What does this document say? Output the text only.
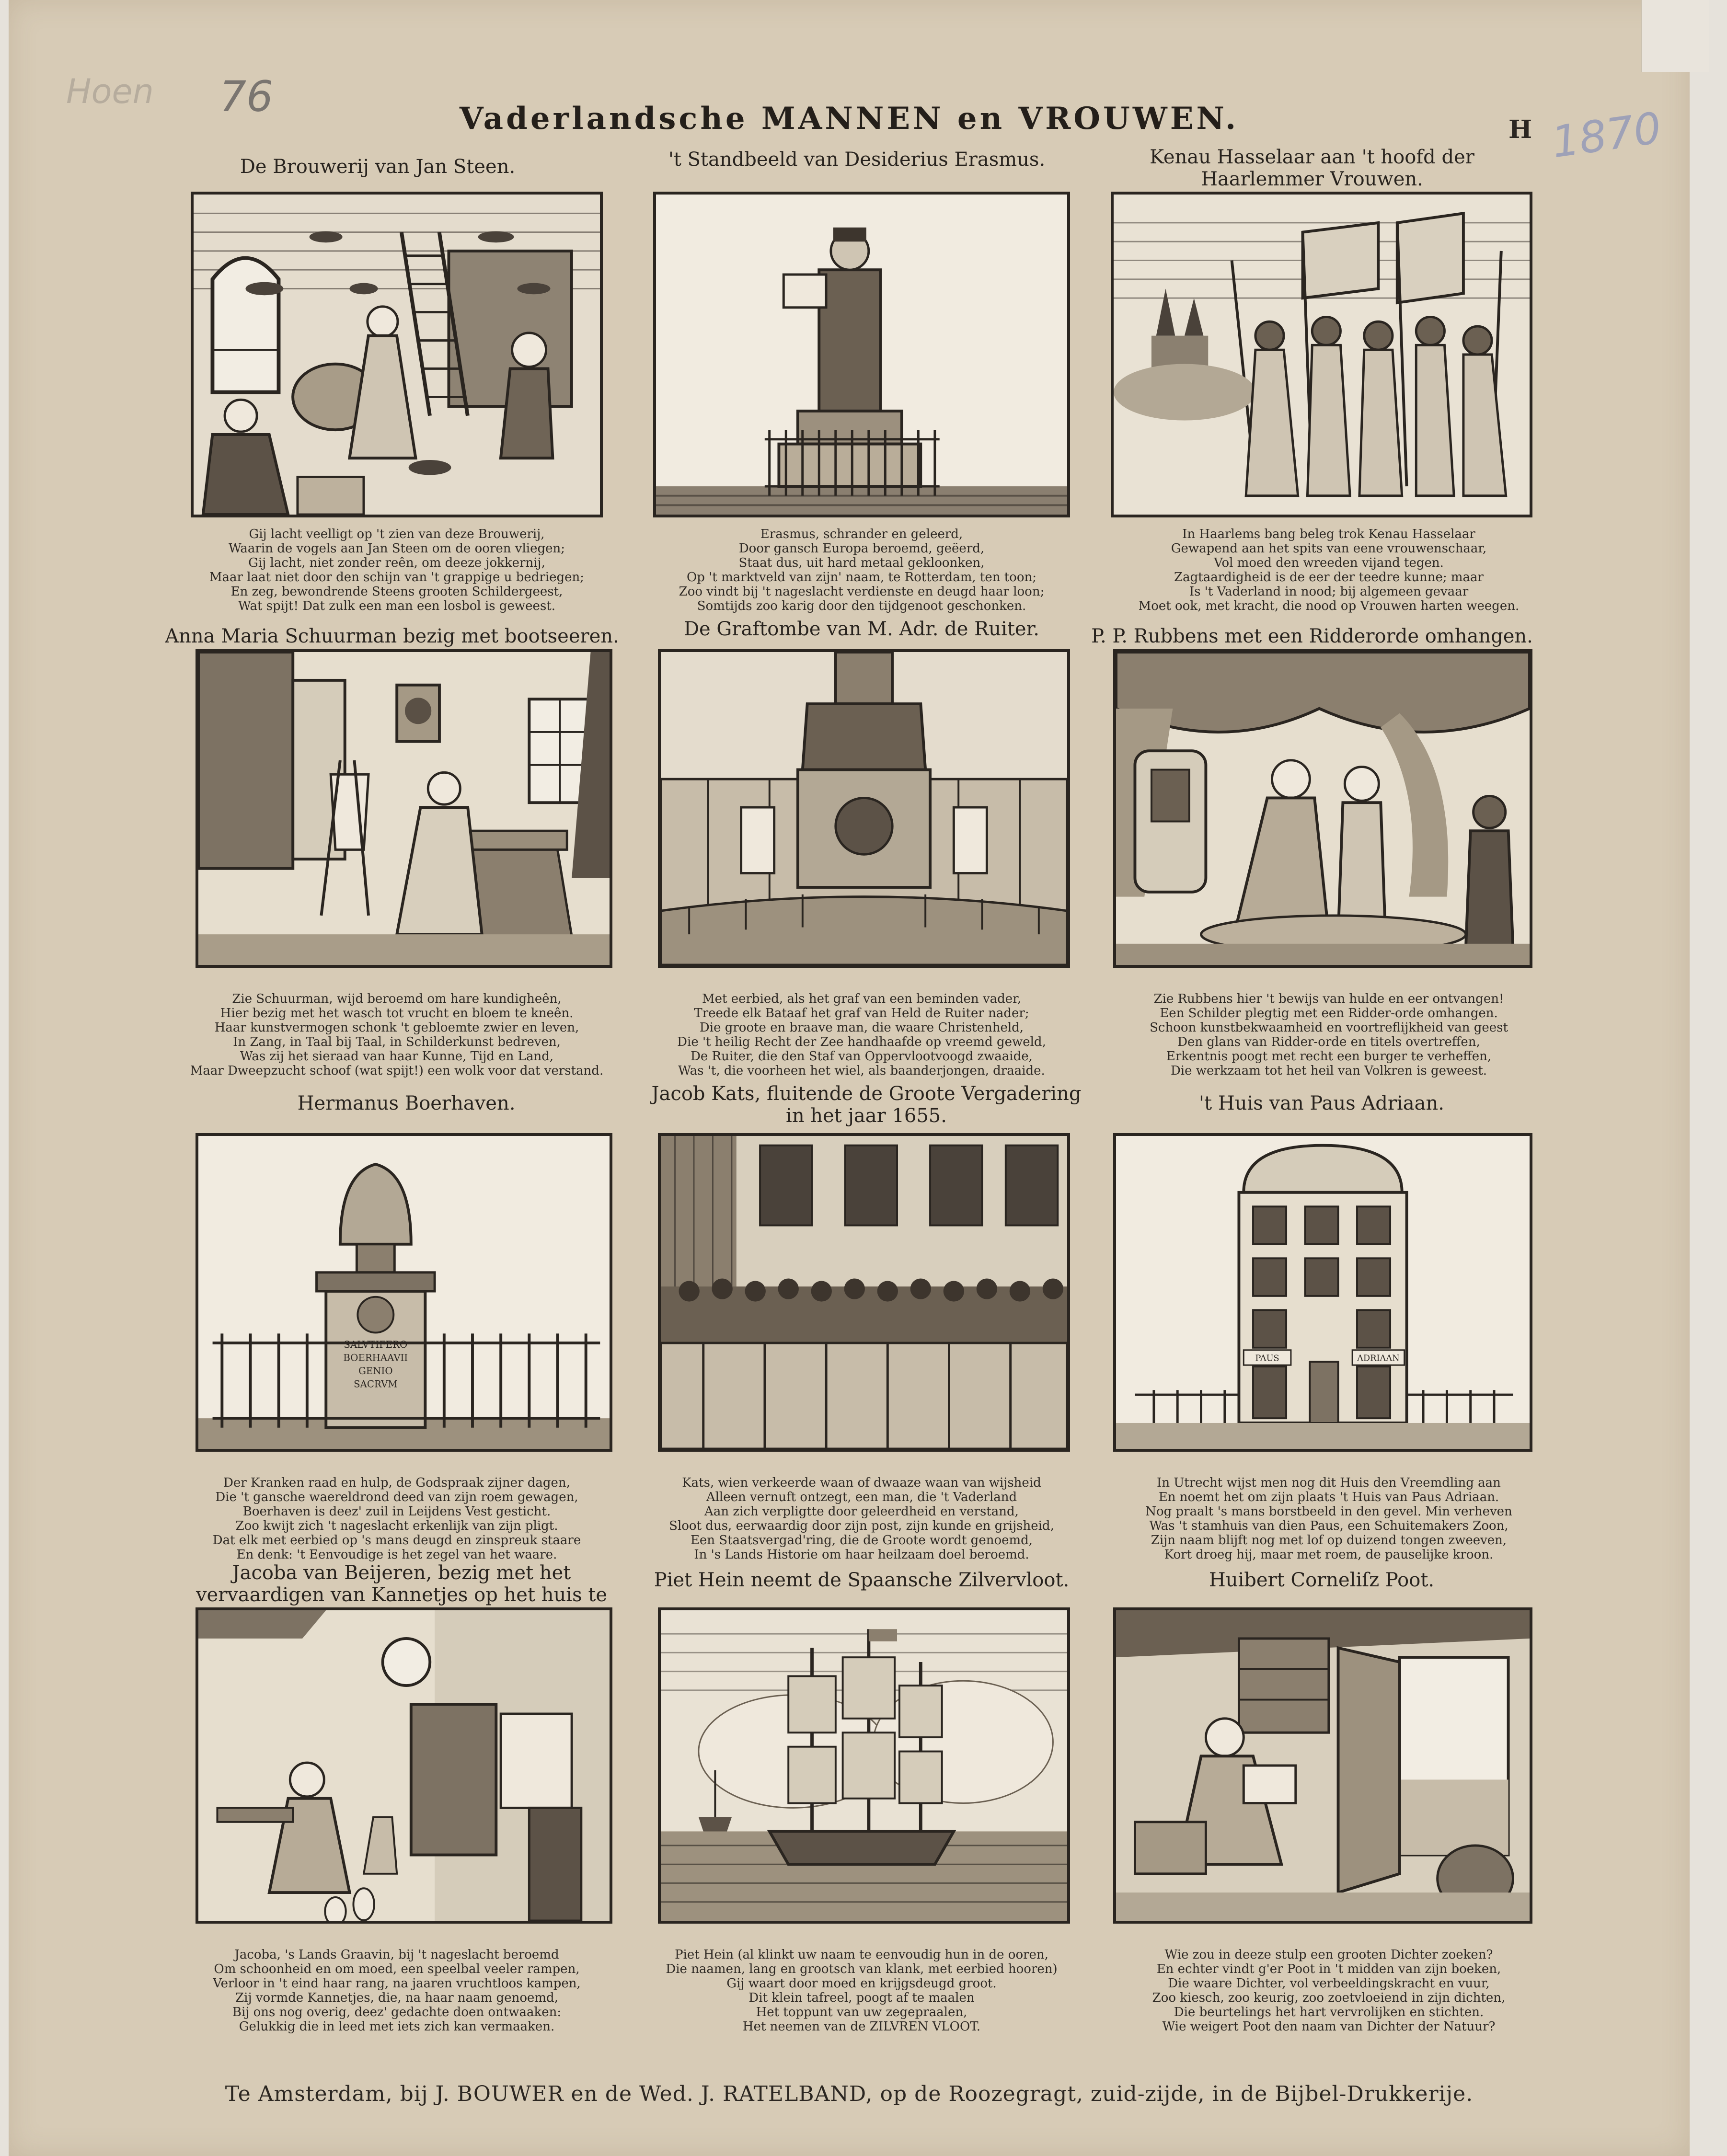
Hoen 76
1870
Vaderlandsche MANNEN en VROUWEN.	H
De Brouwerij van Jan Steen.	't Standbeeld van Desiderius Erasmus.	Kenau Hasselaar aan 't hoofd der Haarlemmer Vrouwen.
Gij lacht veelligt op 't zien van deze Brouwerij,
Waarin de vogels aan Jan Steen om de ooren vliegen;
Gij lacht, niet zonder reên, om deeze jokkernij,
Maar laat niet door den schijn van 't grappige u bedriegen;
En zeg, bewondrende Steens grooten Schildergeest,
Wat spijt! Dat zulk een man een losbol is geweest.
Erasmus, schrander en geleerd,
Door gansch Europa beroemd, geëerd,
Staat dus, uit hard metaal gekloonken,
Op 't marktveld van zijn' naam, te Rotterdam, ten toon;
Zoo vindt bij 't nageslacht verdienste en deugd haar loon;
Somtijds zoo karig door den tijdgenoot geschonken.
In Haarlems bang beleg trok Kenau Hasselaar
Gewapend aan het spits van eene vrouwenschaar,
Vol moed den wreeden vijand tegen.
Zagtaardigheid is de eer der teedre kunne; maar
Is 't Vaderland in nood; bij algemeen gevaar
Moet ook, met kracht, die nood op Vrouwen harten weegen.
Anna Maria Schuurman bezig met bootseeren.	De Graftombe van M. Adr. de Ruiter.	P. P. Rubbens met een Ridderorde omhangen.
Zie Schuurman, wijd beroemd om hare kundigheên,
Hier bezig met het wasch tot vrucht en bloem te kneên.
Haar kunstvermogen schonk 't gebloemte zwier en leven,
In Zang, in Taal bij Taal, in Schilderkunst bedreven,
Was zij het sieraad van haar Kunne, Tijd en Land,
Maar Dweepzucht schoof (wat spijt!) een wolk voor dat verstand.
Met eerbied, als het graf van een beminden vader,
Treede elk Bataaf het graf van Held de Ruiter nader;
Die groote en braave man, die waare Christenheld,
Die 't heilig Recht der Zee handhaafde op vreemd geweld,
De Ruiter, die den Staf van Oppervlootvoogd zwaaide,
Was 't, die voorheen het wiel, als baanderjongen, draaide.
Zie Rubbens hier 't bewijs van hulde en eer ontvangen!
Een Schilder plegtig met een Ridder-orde omhangen.
Schoon kunstbekwaamheid en voortreflijkheid van geest
Den glans van Ridder-orde en titels overtreffen,
Erkentnis poogt met recht een burger te verheffen,
Die werkzaam tot het heil van Volkren is geweest.
Hermanus Boerhaven.	Jacob Kats, fluitende de Groote Vergadering in het jaar 1655.
't Huis van Paus Adriaan.
SALVTIFERO
BOERHAAVII
GENIO
SACRVM
PAUS	ADRIAAN
Der Kranken raad en hulp, de Godspraak zijner dagen,
Die 't gansche waereldrond deed van zijn roem gewagen,
Boerhaven is deez' zuil in Leijdens Vest gesticht.
Zoo kwijt zich 't nageslacht erkenlijk van zijn pligt.
Dat elk met eerbied op 's mans deugd en zinspreuk staare
En denk: 't Eenvoudige is het zegel van het waare.
Kats, wien verkeerde waan of dwaaze waan van wijsheid
Alleen vernuft ontzegt, een man, die 't Vaderland
Aan zich verpligtte door geleerdheid en verstand,
Sloot dus, eerwaardig door zijn post, zijn kunde en grijsheid,
Een Staatsvergad'ring, die de Groote wordt genoemd,
In 's Lands Historie om haar heilzaam doel beroemd.
In Utrecht wijst men nog dit Huis den Vreemdling aan
En noemt het om zijn plaats 't Huis van Paus Adriaan.
Nog praalt 's mans borstbeeld in den gevel. Min verheven
Was 't stamhuis van dien Paus, een Schuitemakers Zoon,
Zijn naam blijft nog met lof op duizend tongen zweeven,
Kort droeg hij, maar met roem, de pauselijke kroon.
Jacoba van Beijeren, bezig met het vervaardigen van Kannetjes op het huis te
Piet Hein neemt de Spaansche Zilvervloot.	Huibert Corneliſz Poot.
Jacoba, 's Lands Graavin, bij 't nageslacht beroemd
Om schoonheid en om moed, een speelbal veeler rampen,
Verloor in 't eind haar rang, na jaaren vruchtloos kampen,
Zij vormde Kannetjes, die, na haar naam genoemd,
Bij ons nog overig, deez' gedachte doen ontwaaken:
Gelukkig die in leed met iets zich kan vermaaken.
Piet Hein (al klinkt uw naam te eenvoudig hun in de ooren,
Die naamen, lang en grootsch van klank, met eerbied hooren)
Gij waart door moed en krijgsdeugd groot.
Dit klein tafreel, poogt af te maalen
Het toppunt van uw zegepraalen,
Het neemen van de ZILVREN VLOOT.
Wie zou in deeze stulp een grooten Dichter zoeken?
En echter vindt g'er Poot in 't midden van zijn boeken,
Die waare Dichter, vol verbeeldingskracht en vuur,
Zoo kiesch, zoo keurig, zoo zoetvloeiend in zijn dichten,
Die beurtelings het hart vervrolijken en stichten.
Wie weigert Poot den naam van Dichter der Natuur?
Te Amsterdam, bij J. BOUWER en de Wed. J. RATELBAND, op de Roozegragt, zuid-zijde, in de Bijbel-Drukkerije.
